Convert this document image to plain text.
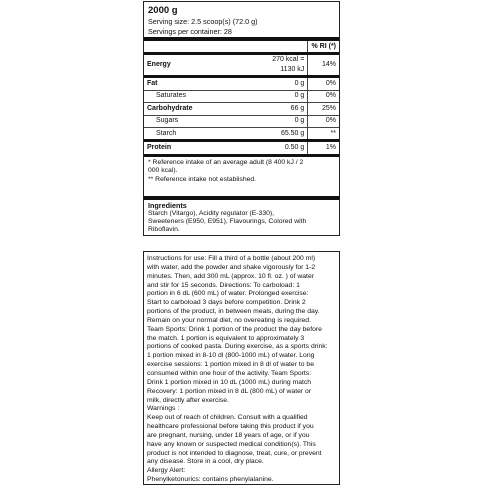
2000 g
Serving size: 2.5 scoop(s) (72.0 g)
Servings per container: 28
		% RI (*)
Energy	270 kcal = 1130 kJ	14%
Fat	0 g	0%
Saturates	0 g	0%
Carbohydrate	66 g	25%
Sugars	0 g	0%
Starch	65.50 g	**
Protein	0.50 g	1%
* Reference intake of an average adult (8 400 kJ / 2
000 kcal).
** Reference intake not established.
Ingredients
Starch (Vitargo), Acidity regulator (E-330),
Sweeteners (E950, E951), Flavourings, Colored with
Riboflavin.
Instructions for use: Fill a third of a bottle (about 200 ml)
with water, add the powder and shake vigorously for 1-2
minutes. Then, add 300 mL (approx. 10 fl. oz. ) of water
and stir for 15 seconds. Directions: To carboload: 1
portion in 6 dL (600 mL) of water. Prolonged exercise:
Start to carboload 3 days before competition. Drink 2
portions of the product, in between meals, during the day.
Remain on your normal diet, no overeating is required.
Team Sports: Drink 1 portion of the product the day before
the match. 1 portion is equivalent to approximately 3
portions of cooked pasta. During exercise, as a sports drink:
1 portion mixed in 8-10 dl (800-1000 mL) of water. Long
exercise sessions: 1 portion mixed in 8 dl of water to be
consumed within one hour of the activity. Team Sports:
Drink 1 portion mixed in 10 dL (1000 mL) during match
Recovery: 1 portion mixed in 8 dL (800 mL) of water or
milk, directly after exercise.
Warnings :
Keep out of reach of children. Consult with a qualified
healthcare professional before taking this product if you
are pregnant, nursing, under 18 years of age, or if you
have any known or suspected medical condition(s). This
product is not intended to diagnose, treat, cure, or prevent
any disease. Store in a cool, dry place.
Allergy Alert:
Phenylketonurics: contains phenylalanine.
